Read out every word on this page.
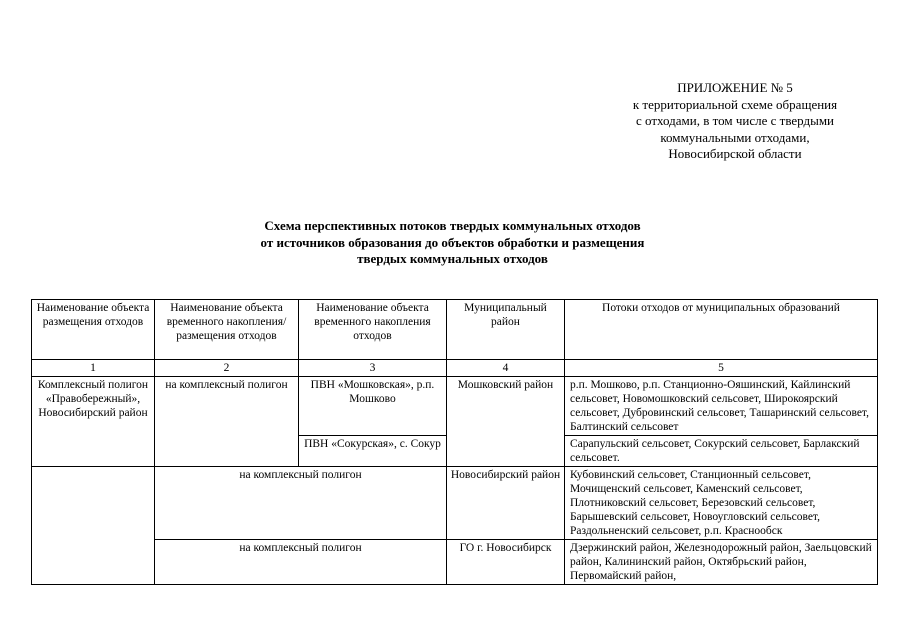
ПРИЛОЖЕНИЕ № 5
к территориальной схеме обращения
с отходами, в том числе с твердыми
коммунальными отходами,
Новосибирской области
Схема перспективных потоков твердых коммунальных отходов
от источников образования до объектов обработки и размещения
твердых коммунальных отходов
Наименование объекта размещения отходов	Наименование объекта временного накопления/размещения отходов	Наименование объекта временного накопления отходов	Муниципальный район	Потоки отходов от муниципальных образований
1	2	3	4	5
Комплексный полигон «Правобережный», Новосибирский район	на комплексный полигон	ПВН «Мошковская», р.п. Мошково	Мошковский район	р.п. Мошково, р.п. Станционно-Ояшинский, Кайлинский сельсовет, Новомошковский сельсовет, Широкоярский сельсовет, Дубровинский сельсовет, Ташаринский сельсовет, Балтинский сельсовет
		ПВН «Сокурская», с. Сокур		Сарапульский сельсовет, Сокурский сельсовет, Барлакский сельсовет.
	на комплексный полигон		Новосибирский район	Кубовинский сельсовет, Станционный сельсовет, Мочищенский сельсовет, Каменский сельсовет, Плотниковский сельсовет, Березовский сельсовет, Барышевский сельсовет, Новоугловский сельсовет, Раздольненский сельсовет, р.п. Краснообск
	на комплексный полигон		ГО г. Новосибирск	Дзержинский район, Железнодорожный район, Заельцовский район, Калининский район, Октябрьский район, Первомайский район,
